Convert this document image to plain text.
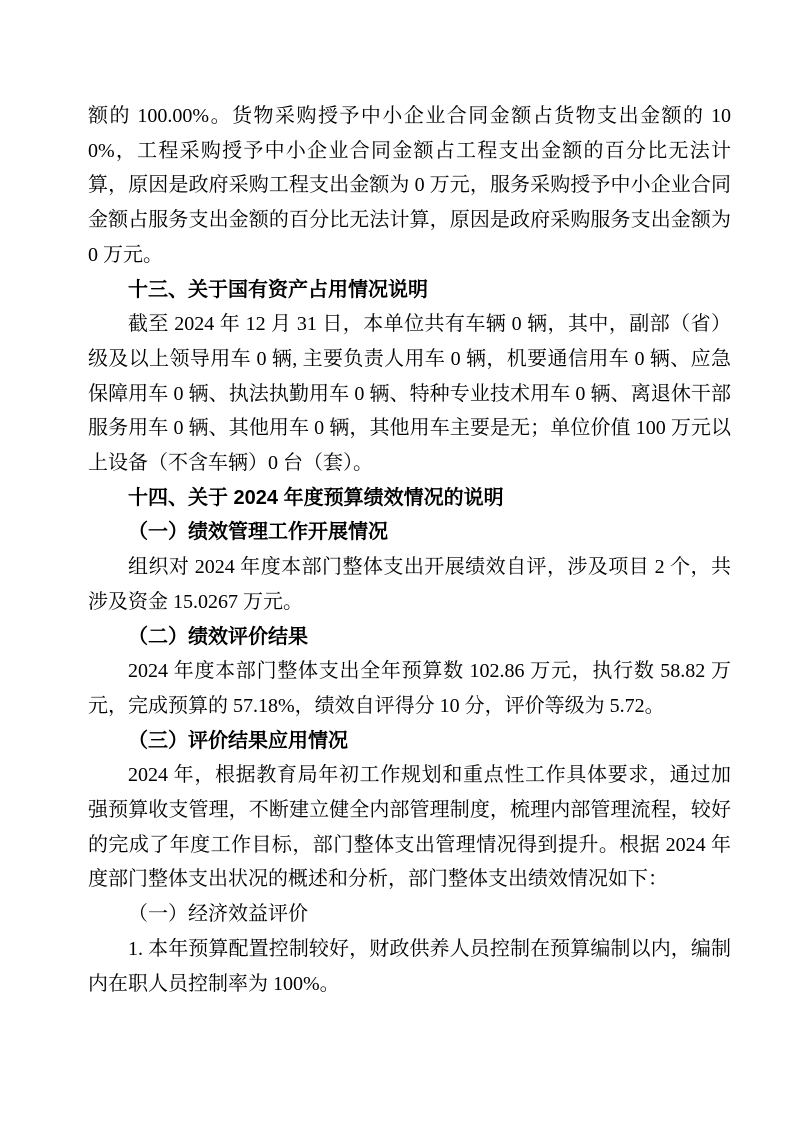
额的 100.00%。货物采购授予中小企业合同金额占货物支出金额的 100%，工程采购授予中小企业合同金额占工程支出金额的百分比无法计算，原因是政府采购工程支出金额为 0 万元，服务采购授予中小企业合同金额占服务支出金额的百分比无法计算，原因是政府采购服务支出金额为 0 万元。

十三、关于国有资产占用情况说明

截至 2024 年 12 月 31 日，本单位共有车辆 0 辆，其中，副部（省）级及以上领导用车 0 辆, 主要负责人用车 0 辆，机要通信用车 0 辆、应急保障用车 0 辆、执法执勤用车 0 辆、特种专业技术用车 0 辆、离退休干部服务用车 0 辆、其他用车 0 辆，其他用车主要是无；单位价值 100 万元以上设备（不含车辆）0 台（套）。

十四、关于 2024 年度预算绩效情况的说明

（一）绩效管理工作开展情况

组织对 2024 年度本部门整体支出开展绩效自评，涉及项目 2 个，共涉及资金 15.0267 万元。

（二）绩效评价结果

2024 年度本部门整体支出全年预算数 102.86 万元，执行数 58.82 万元，完成预算的 57.18%，绩效自评得分 10 分，评价等级为 5.72。

（三）评价结果应用情况

2024 年，根据教育局年初工作规划和重点性工作具体要求，通过加强预算收支管理，不断建立健全内部管理制度，梳理内部管理流程，较好的完成了年度工作目标，部门整体支出管理情况得到提升。根据 2024 年度部门整体支出状况的概述和分析，部门整体支出绩效情况如下：

（一）经济效益评价

1. 本年预算配置控制较好，财政供养人员控制在预算编制以内，编制内在职人员控制率为 100%。
